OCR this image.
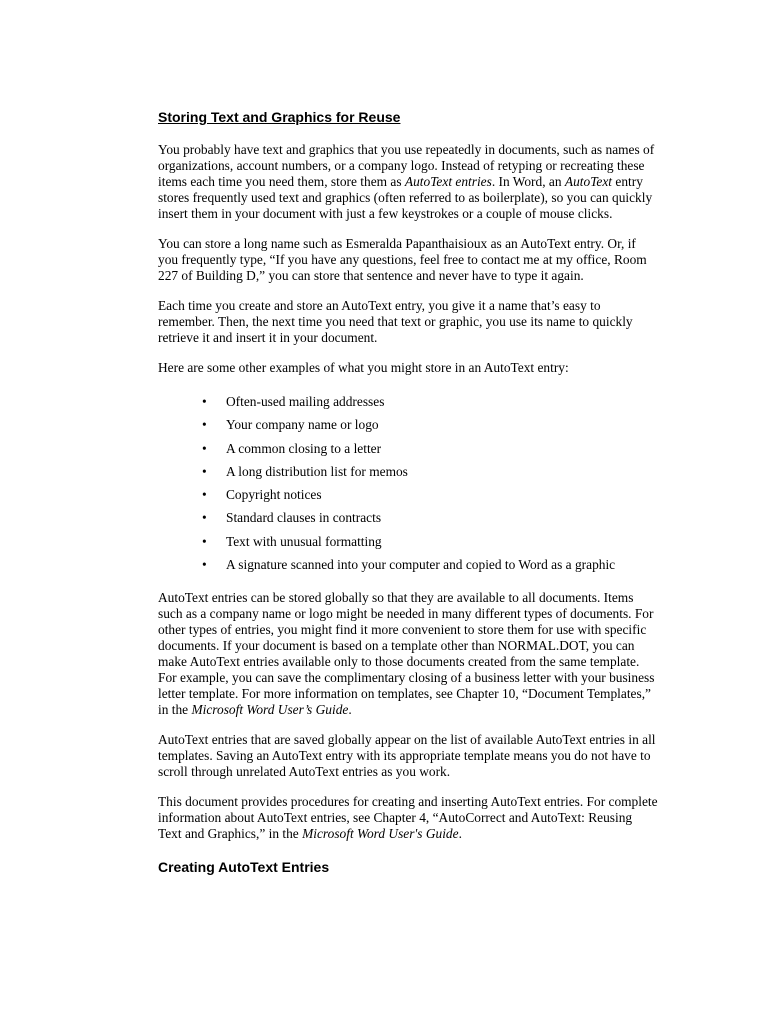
Storing Text and Graphics for Reuse

You probably have text and graphics that you use repeatedly in documents, such as names of organizations, account numbers, or a company logo. Instead of retyping or recreating these items each time you need them, store them as AutoText entries. In Word, an AutoText entry stores frequently used text and graphics (often referred to as boilerplate), so you can quickly insert them in your document with just a few keystrokes or a couple of mouse clicks.

You can store a long name such as Esmeralda Papanthaisioux as an AutoText entry. Or, if you frequently type, “If you have any questions, feel free to contact me at my office, Room 227 of Building D,” you can store that sentence and never have to type it again.

Each time you create and store an AutoText entry, you give it a name that’s easy to remember. Then, the next time you need that text or graphic, you use its name to quickly retrieve it and insert it in your document.

Here are some other examples of what you might store in an AutoText entry:

•	Often-used mailing addresses
•	Your company name or logo
•	A common closing to a letter
•	A long distribution list for memos
•	Copyright notices
•	Standard clauses in contracts
•	Text with unusual formatting
•	A signature scanned into your computer and copied to Word as a graphic

AutoText entries can be stored globally so that they are available to all documents. Items such as a company name or logo might be needed in many different types of documents. For other types of entries, you might find it more convenient to store them for use with specific documents. If your document is based on a template other than NORMAL.DOT, you can make AutoText entries available only to those documents created from the same template. For example, you can save the complimentary closing of a business letter with your business letter template. For more information on templates, see Chapter 10, “Document Templates,” in the Microsoft Word User’s Guide.

AutoText entries that are saved globally appear on the list of available AutoText entries in all templates. Saving an AutoText entry with its appropriate template means you do not have to scroll through unrelated AutoText entries as you work.

This document provides procedures for creating and inserting AutoText entries. For complete information about AutoText entries, see Chapter 4, “AutoCorrect and AutoText: Reusing Text and Graphics,” in the Microsoft Word User's Guide.

Creating AutoText Entries
